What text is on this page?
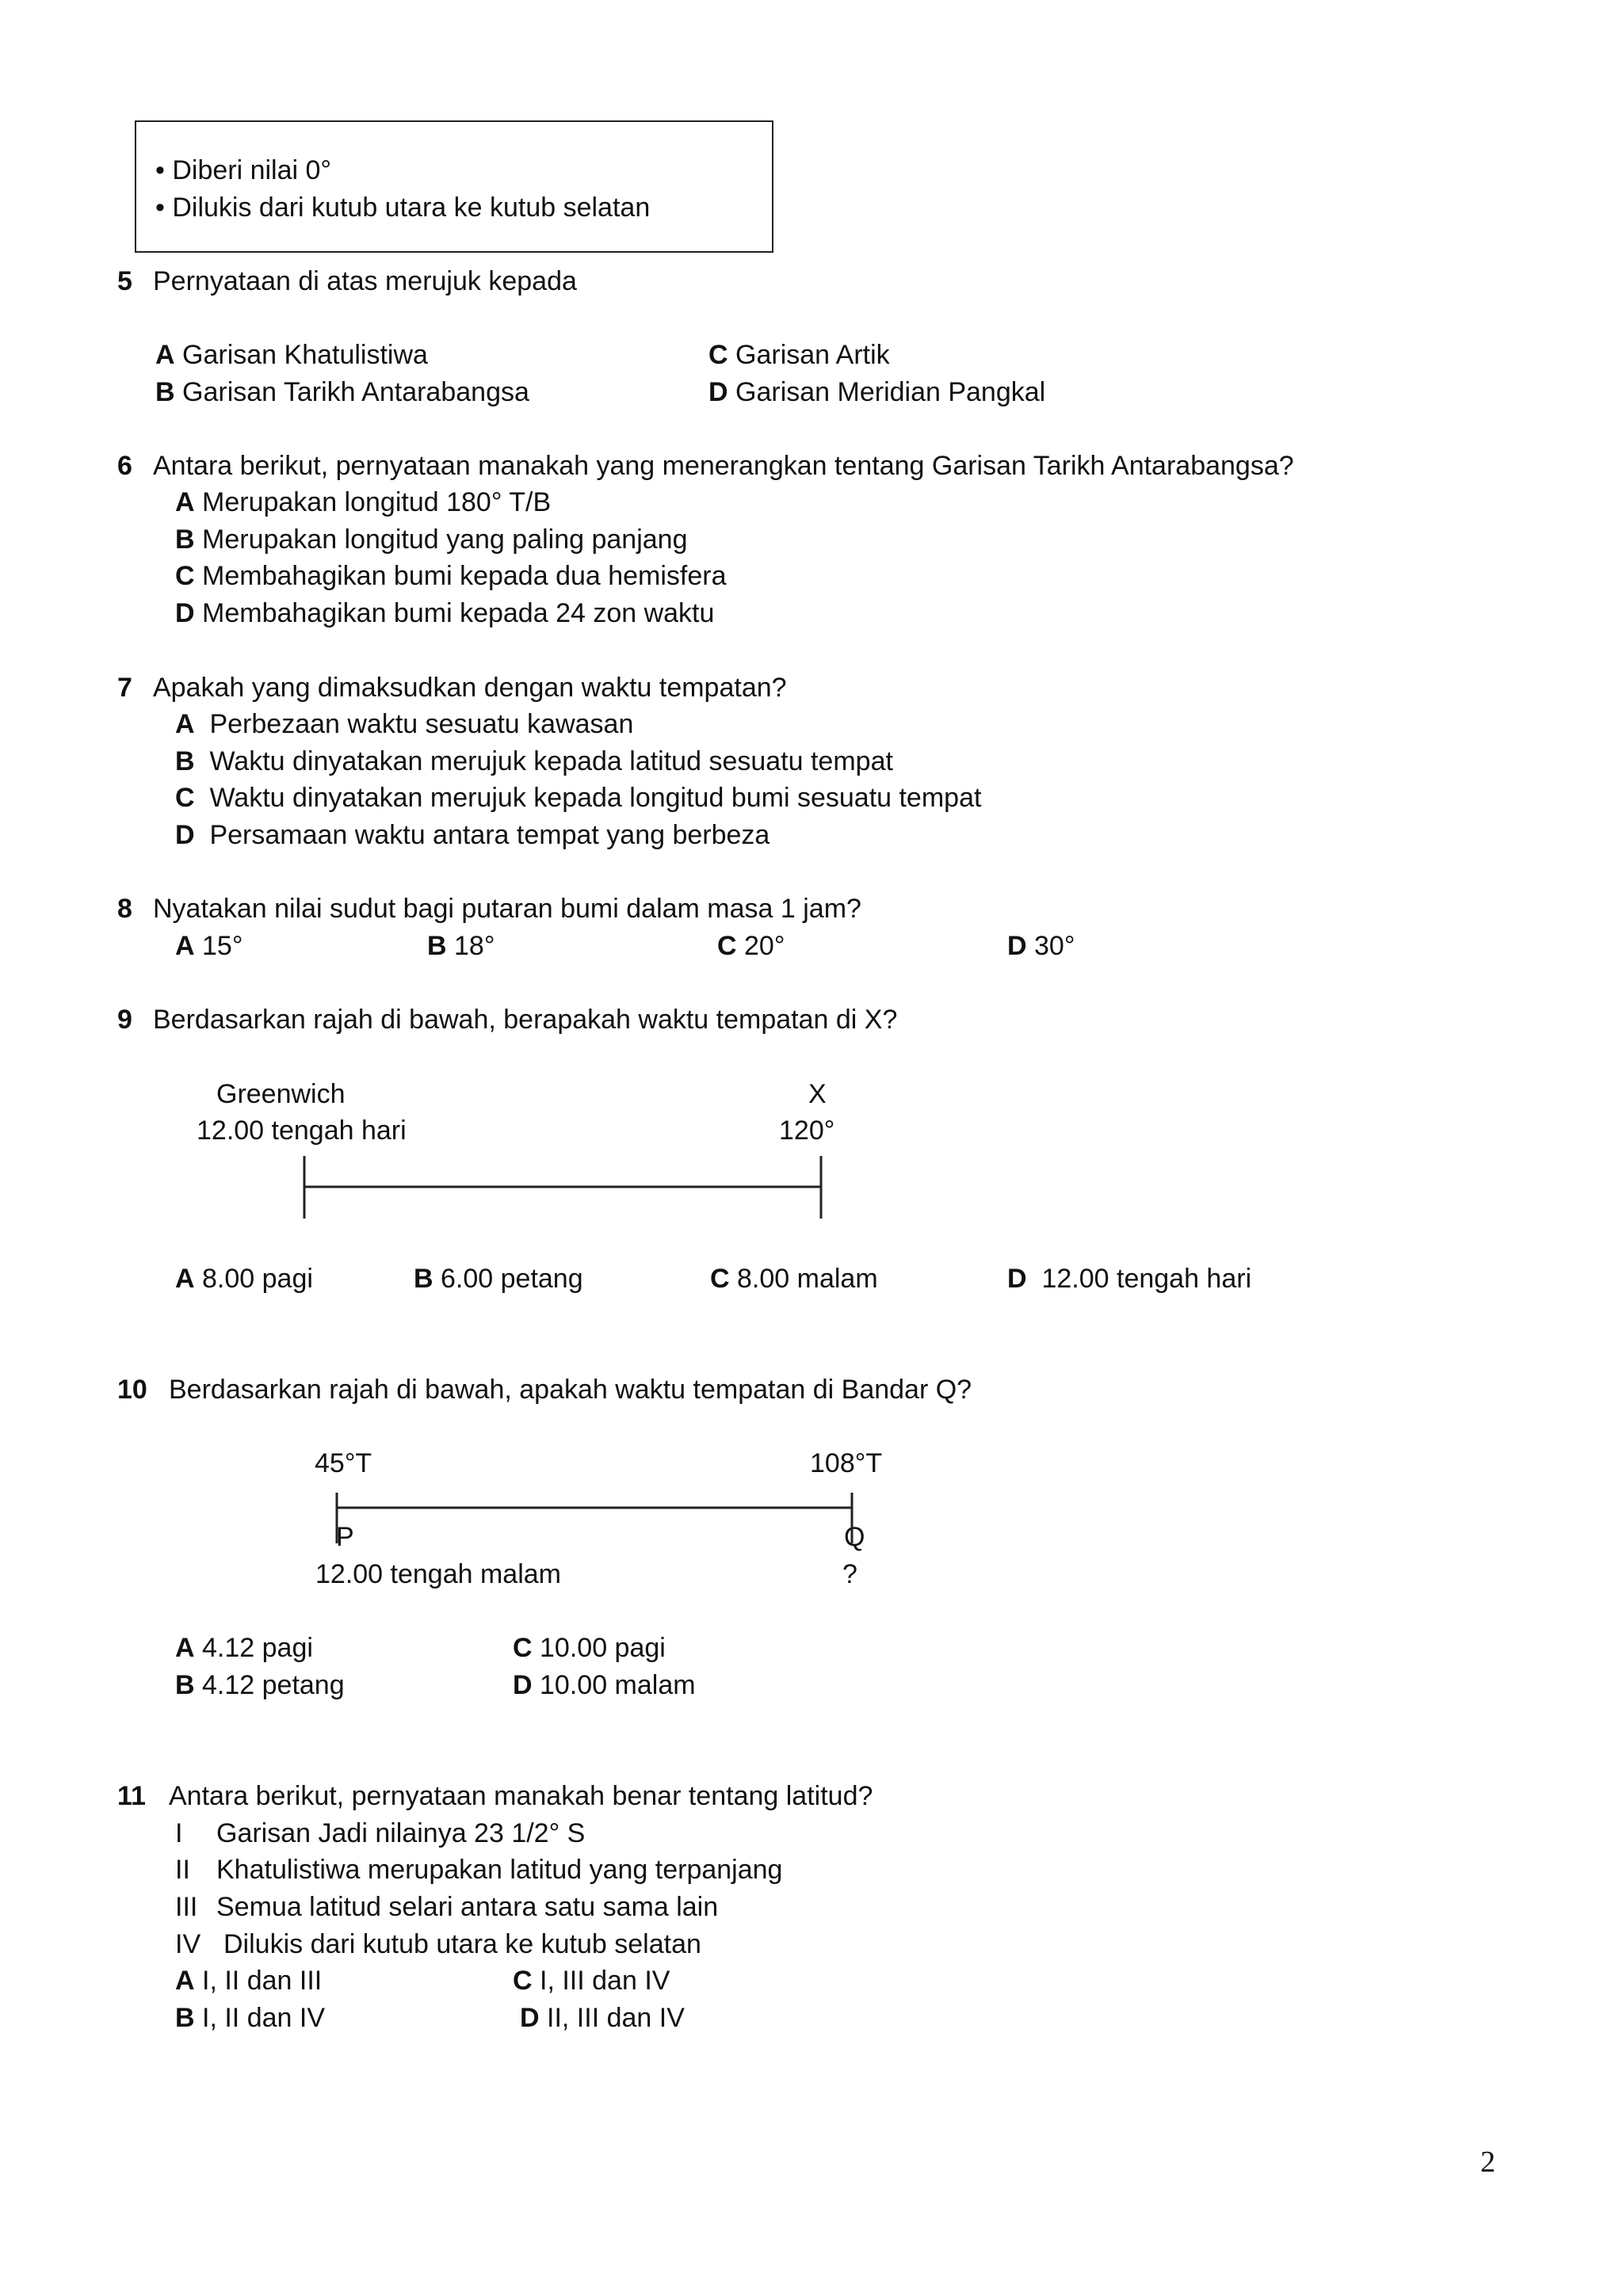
• Diberi nilai 0°
• Dilukis dari kutub utara ke kutub selatan
5 Pernyataan di atas merujuk kepada
A Garisan Khatulistiwa
B Garisan Tarikh Antarabangsa
C Garisan Artik
D Garisan Meridian Pangkal
6 Antara berikut, pernyataan manakah yang menerangkan tentang Garisan Tarikh Antarabangsa?
A Merupakan longitud 180° T/B
B Merupakan longitud yang paling panjang
C Membahagikan bumi kepada dua hemisfera
D Membahagikan bumi kepada 24 zon waktu
7 Apakah yang dimaksudkan dengan waktu tempatan?
A Perbezaan waktu sesuatu kawasan
B Waktu dinyatakan merujuk kepada latitud sesuatu tempat
C Waktu dinyatakan merujuk kepada longitud bumi sesuatu tempat
D Persamaan waktu antara tempat yang berbeza
8 Nyatakan nilai sudut bagi putaran bumi dalam masa 1 jam?
A 15°	B 18°	C 20°	D 30°
9 Berdasarkan rajah di bawah, berapakah waktu tempatan di X?
Greenwich
12.00 tengah hari
X
120°
A 8.00 pagi	B 6.00 petang	C 8.00 malam	D 12.00 tengah hari
10 Berdasarkan rajah di bawah, apakah waktu tempatan di Bandar Q?
45°T	108°T
P	Q
12.00 tengah malam	?
A 4.12 pagi
B 4.12 petang
C 10.00 pagi
D 10.00 malam
11 Antara berikut, pernyataan manakah benar tentang latitud?
I Garisan Jadi nilainya 23 1/2° S
II Khatulistiwa merupakan latitud yang terpanjang
III Semua latitud selari antara satu sama lain
IV Dilukis dari kutub utara ke kutub selatan
A I, II dan III
B I, II dan IV
C I, III dan IV
D II, III dan IV
2
